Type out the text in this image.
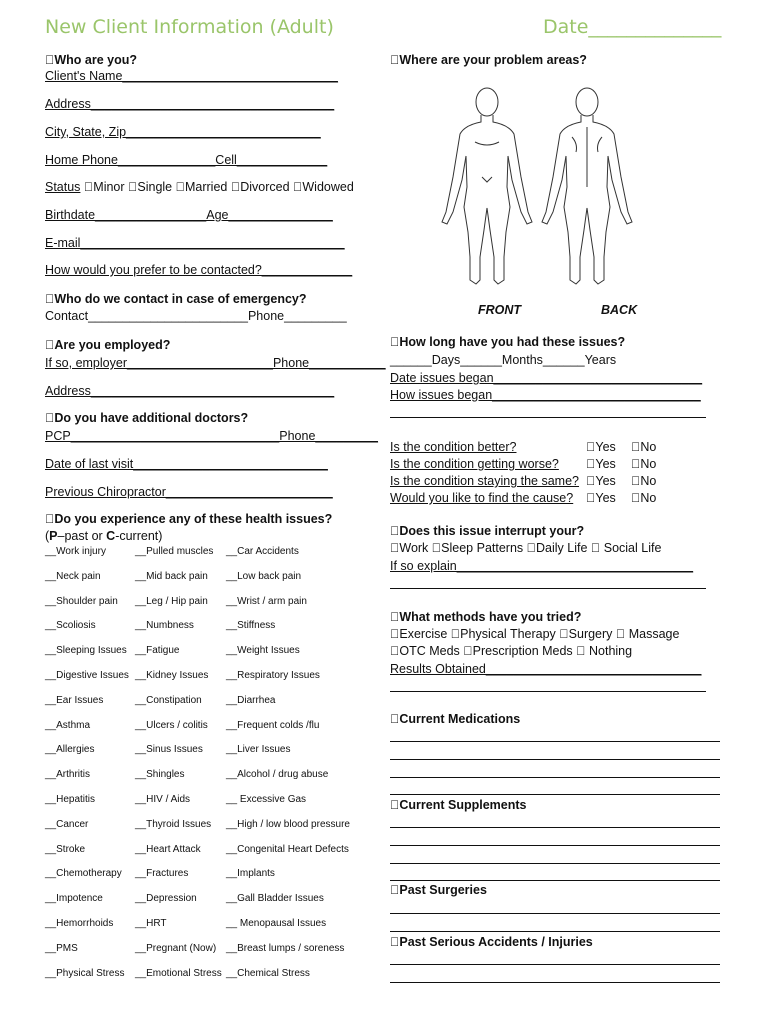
New Client Information (Adult)	Date______________
Who are you?
Client's Name_______________________________
Address___________________________________
City, State, Zip____________________________
Home Phone______________Cell_____________
Status Minor Single Married Divorced Widowed
Birthdate________________Age_______________
E-mail______________________________________
How would you prefer to be contacted?_____________
Who do we contact in case of emergency?
Contact_______________________Phone_________
Are you employed?
If so, employer_____________________Phone___________
Address___________________________________
Do you have additional doctors?
PCP______________________________Phone_________
Date of last visit____________________________
Previous Chiropractor________________________
Do you experience any of these health issues?
(P–past or C-current)
__Work injury	__Pulled muscles __Car Accidents
__Neck pain	__Mid back pain __Low back pain
__Shoulder pain __Leg / Hip pain __Wrist / arm pain
__Scoliosis	__Numbness	__Stiffness
__Sleeping Issues __Fatigue	__Weight Issues
__Digestive Issues __Kidney Issues __Respiratory Issues
__Ear Issues	__Constipation __Diarrhea
__Asthma	__Ulcers / colitis __Frequent colds /flu
__Allergies	__Sinus Issues __Liver Issues
__Arthritis	__Shingles	__Alcohol / drug abuse
__Hepatitis	__HIV / Aids	__ Excessive Gas
__Cancer	__Thyroid Issues __High / low blood pressure
__Stroke	__Heart Attack	__Congenital Heart Defects
__Chemotherapy __Fractures	__Implants
__Impotence	__Depression	__Gall Bladder Issues
__Hemorrhoids __HRT	__ Menopausal Issues
__PMS	__Pregnant (Now) __Breast lumps / soreness
__Physical Stress __Emotional Stress __Chemical Stress
Where are your problem areas?
FRONT	BACK
How long have you had these issues?
______Days______Months______Years
Date issues began______________________________
How issues began______________________________
Is the condition better?	Yes No
Is the condition getting worse? Yes No
Is the condition staying the same? Yes No
Would you like to find the cause? Yes No
Does this issue interrupt your?
Work Sleep Patterns Daily Life Social Life
If so explain__________________________________
What methods have you tried?
Exercise Physical Therapy Surgery Massage
OTC Meds Prescription Meds Nothing
Results Obtained_______________________________
Current Medications
Current Supplements
Past Surgeries
Past Serious Accidents / Injuries
